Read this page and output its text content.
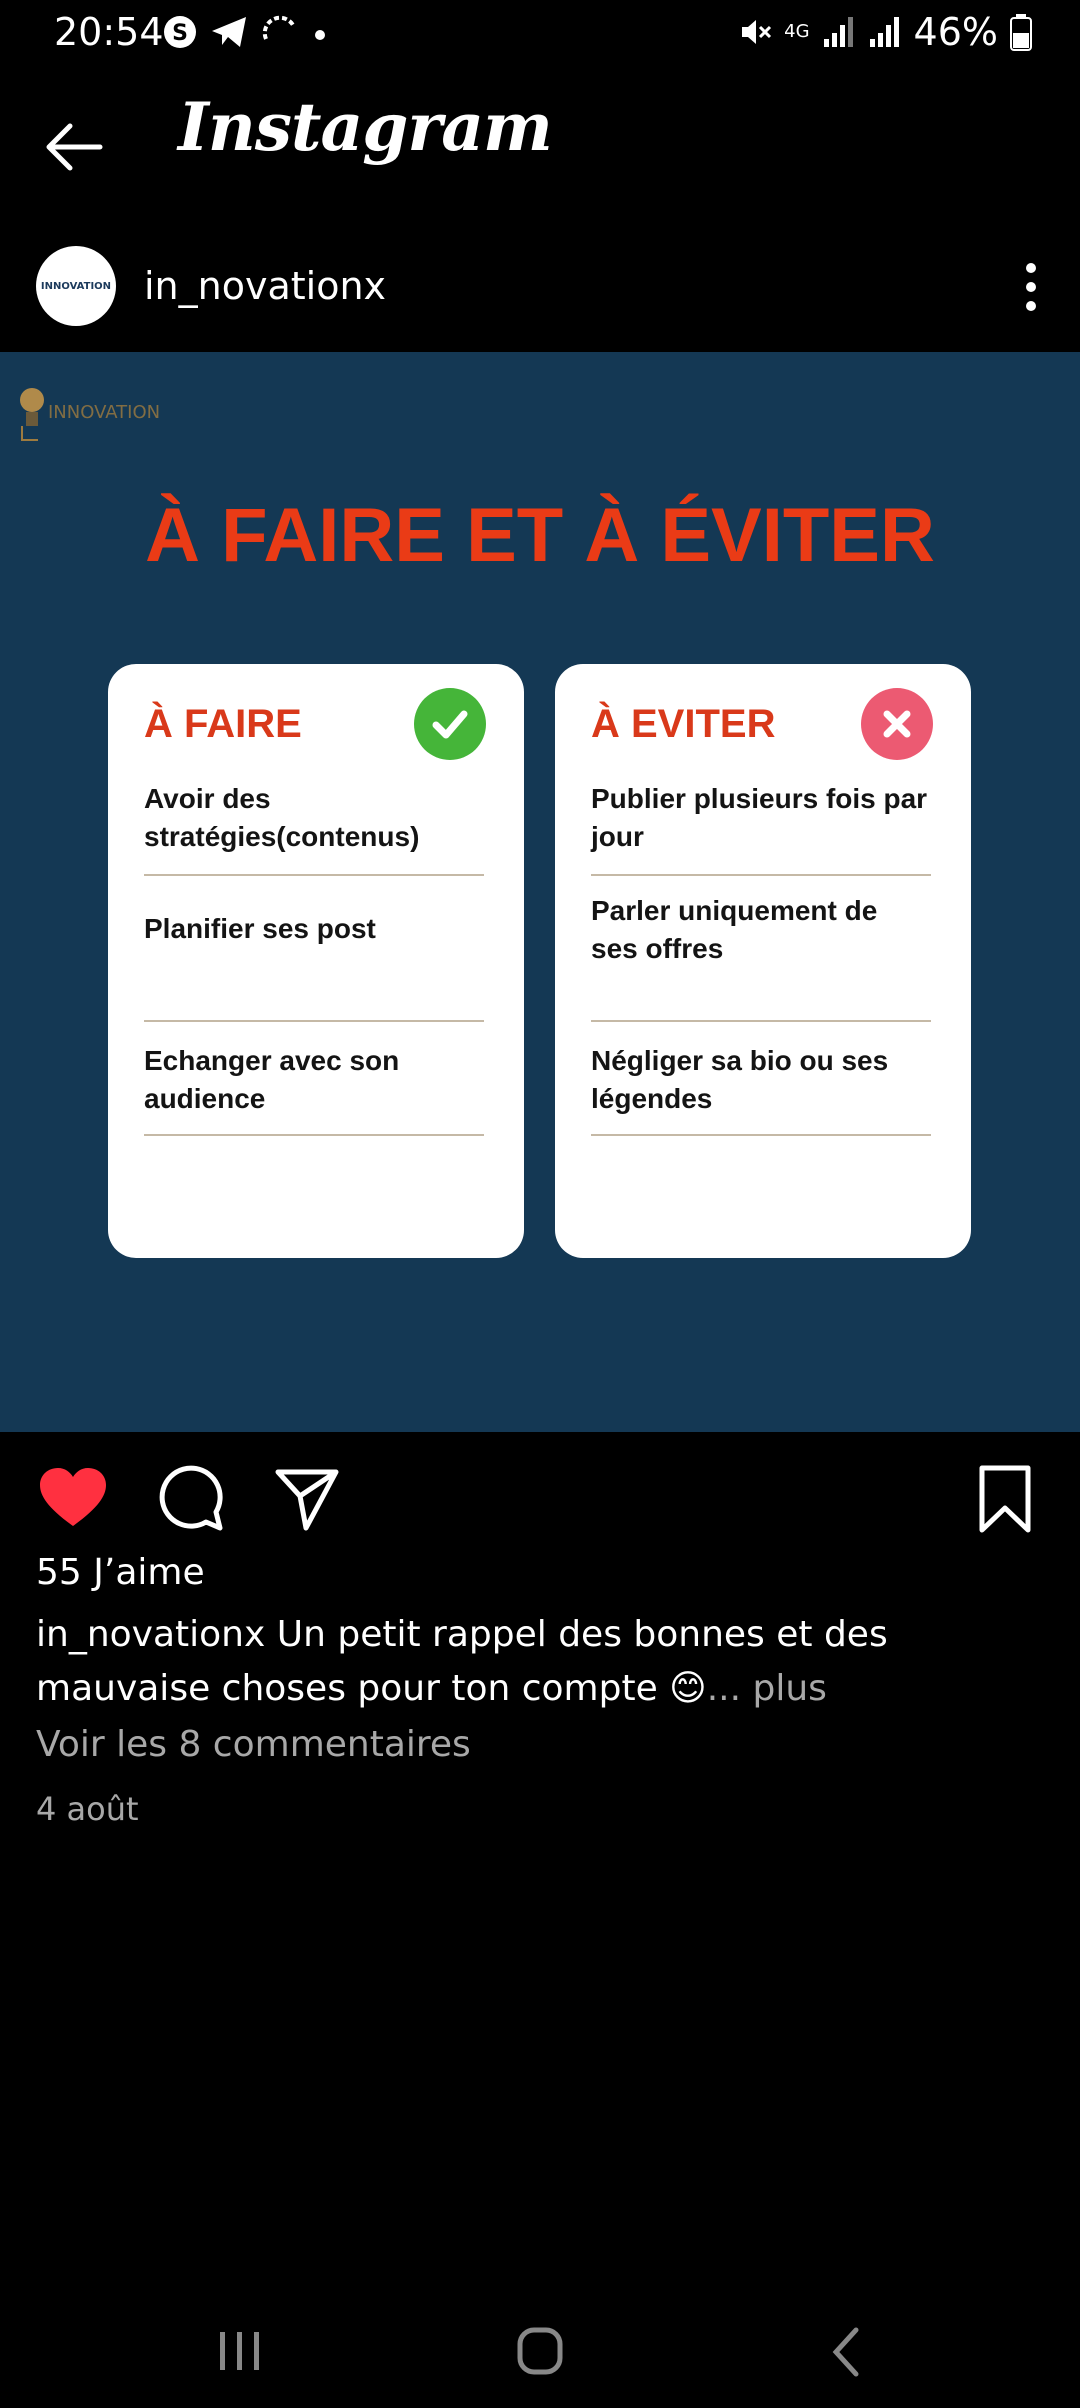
20:54 S	4G	46%
Instagram
INNOVATION in_novationx
INNOVATION
À FAIRE ET À ÉVITER
À FAIRE
Avoir des stratégies(contenus)
Planifier ses post
Echanger avec son audience
À EVITER
Publier plusieurs fois par jour
Parler uniquement de ses offres
Négliger sa bio ou ses légendes
55 J’aime
in_novationx Un petit rappel des bonnes et des mauvaise choses pour ton compte 😊... plus
Voir les 8 commentaires
4 août
